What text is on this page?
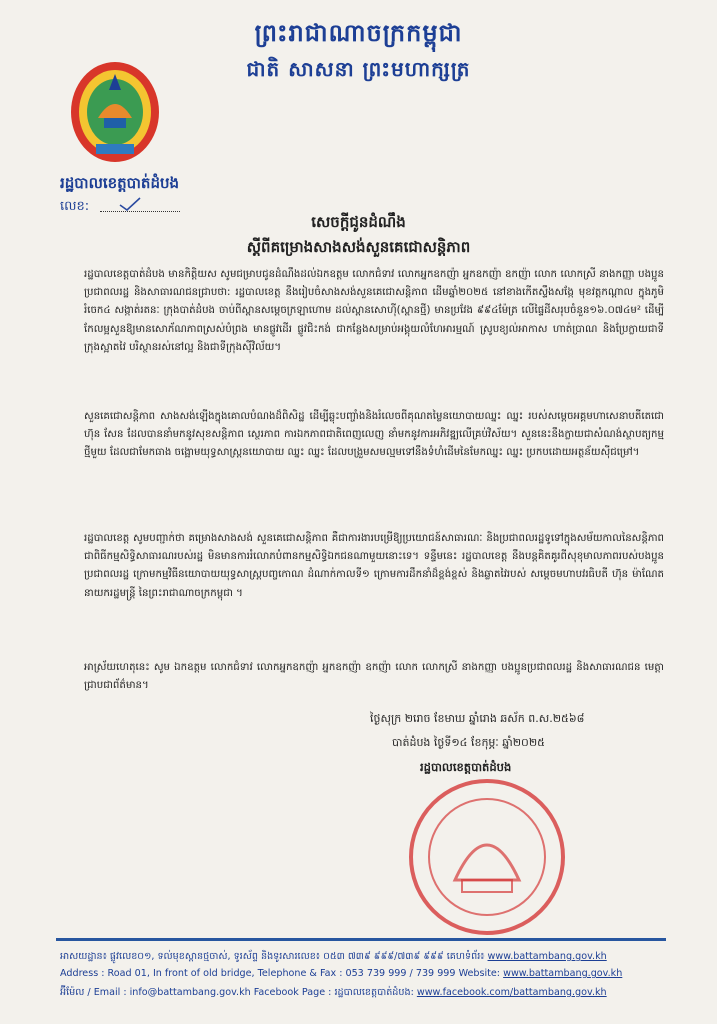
ព្រះរាជាណាចក្រកម្ពុជា
ជាតិ សាសនា ព្រះមហាក្សត្រ
រដ្ឋបាលខេត្តបាត់ដំបង
លេខ:
សេចក្តីជូនដំណឹង
ស្តីពីគម្រោងសាងសង់សួនគេជោសន្តិភាព
រដ្ឋបាលខេត្តបាត់ដំបង មានកិត្តិយស សូមជម្រាបជូនដំណឹងដល់ឯកឧត្តម លោកជំទាវ លោកអ្នកឧកញ៉ា អ្នកឧកញ៉ា ឧកញ៉ា លោក លោកស្រី នាងកញ្ញា បងប្អូនប្រជាពលរដ្ឋ និងសាធារណជនជ្រាបថា: រដ្ឋបាលខេត្ត នឹងរៀបចំសាងសង់សួនគេជោសន្តិភាព ដើមឆ្នាំ២០២៥ នៅខាងកើតស្ទឹងសង្កែ មុខវត្តកណ្តាល ក្នុងភូមិរំចេក៤ សង្កាត់រតនៈ ក្រុងបាត់ដំបង ចាប់ពីស្ពានសម្តេចក្រឡាហោម ដល់ស្ពានសោហ៊ី(ស្ពានថ្មី) មានប្រវែង ៩៩៤ម៉ែត្រ លើផ្ទៃដីសរុបចំនួន១៦.០៧៤ម² ដើម្បីកែលម្អសួនឱ្យមានសោភ័ណភាពស្រស់បំព្រង មានផ្លូវដើរ ផ្លូវជិះកង់ ជាកន្លែងសម្រាប់អង្គុយលំហែអារម្មណ៍ ស្រូបខ្យល់អាកាស ហាត់ប្រាណ និងប្រែក្លាយជាទីក្រុងស្អាតវៃ បរិស្ថានរស់នៅល្អ និងជាទីក្រុងស៊ីវិល័យ។
សួនគេជោសន្តិភាព សាងសង់ឡើងក្នុងគោលបំណងដ៏ពិសិដ្ឋ ដើម្បីឆ្លុះបញ្ចាំងនិងរំលេចពីគុណតម្លៃនយោបាយឈ្នះ ឈ្នះ របស់សម្តេចអគ្គមហាសេនាបតីតេជោ ហ៊ុន សែន ដែលបាននាំមកនូវសុខសន្តិភាព ស្ថេរភាព ការឯកភាពជាតិពេញលេញ នាំមកនូវការអភិវឌ្ឍលើគ្រប់វិស័យ។ សួននេះនឹងក្លាយជាសំណង់ស្ថាបត្យកម្មថ្មីមួយ ដែលជាមែកធាង ចង្អោមយុទ្ធសាស្ត្រនយោបាយ ឈ្នះ ឈ្នះ ដែលបង្រួមសមល្មមទៅនឹងទំហំដើមនៃមែកឈ្នះ ឈ្នះ ប្រកបដោយអត្ថន័យស៊ីជម្រៅ។
រដ្ឋបាលខេត្ត សូមបញ្ជាក់ថា គម្រោងសាងសង់ សួនគេជោសន្តិភាព គឺជាការងារបម្រើឱ្យប្រយោជន៍សាធារណៈ និងប្រជាពលរដ្ឋទូទៅក្នុងសម័យកាលនៃសន្តិភាព ជាពិធីកម្មសិទ្ធិសាធារណរបស់រដ្ឋ មិនមានការរំលោភបំពានកម្មសិទ្ធិឯកជនណាមួយនោះទេ។ ទន្ទឹមនេះ រដ្ឋបាលខេត្ត នឹងបន្តគិតគូរពីសុខុមាលភាពរបស់បងប្អូនប្រជាពលរដ្ឋ ក្រោមកម្មវិធីនយោបាយយុទ្ធសាស្ត្របញ្ចកោណ ដំណាក់កាលទី១ ក្រោមការដឹកនាំដ៏ខ្ពង់ខ្ពស់ និងឆ្លាតវៃរបស់ សម្តេចមហាបវរធិបតី ហ៊ុន ម៉ាណែត នាយករដ្ឋមន្ត្រី នៃព្រះរាជាណាចក្រកម្ពុជា ។
អាស្រ័យហេតុនេះ សូម ឯកឧត្តម លោកជំទាវ លោកអ្នកឧកញ៉ា អ្នកឧកញ៉ា ឧកញ៉ា លោក លោកស្រី នាងកញ្ញា បងប្អូនប្រជាពលរដ្ឋ និងសាធារណជន មេត្តាជ្រាបជាព័ត៌មាន។
ថ្ងៃសុក្រ ២រោច ខែមាឃ ឆ្នាំរោង ឆស័ក ព.ស.២៥៦៨
បាត់ដំបង ថ្ងៃទី១៤ ខែកុម្ភៈ ឆ្នាំ២០២៥
រដ្ឋបាលខេត្តបាត់ដំបង
អាសយដ្ឋាន៖ ផ្លូវលេខ០១, ទល់មុខស្ពានថ្មចាស់, ទូរស័ព្ទ និងទូរសារលេខ៖ ០៥៣ ៧៣៩ ៩៩៩/៧៣៩ ៩៩៩ គេហទំព័រ៖ www.battambang.gov.kh
Address : Road 01, In front of old bridge, Telephone & Fax : 053 739 999 / 739 999 Website: www.battambang.gov.kh
អ៊ីម៉ែល / Email : info@battambang.gov.kh Facebook Page : រដ្ឋបាលខេត្តបាត់ដំបង: www.facebook.com/battambang.gov.kh
